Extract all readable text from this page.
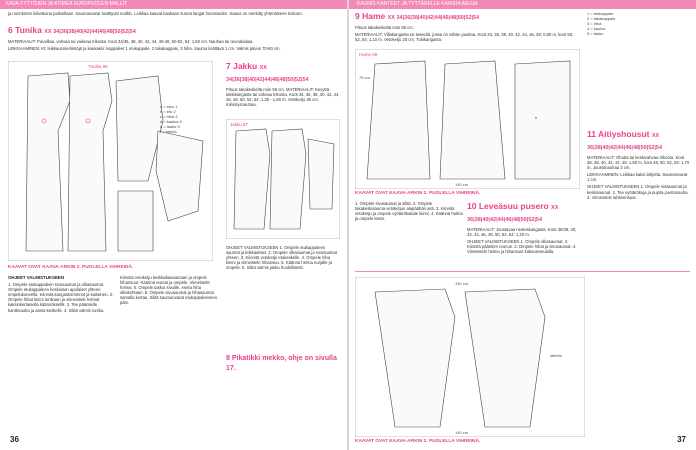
KAVA-TYTTÖJEN JA KOMEA SUKUPUOLEN MALLIT	KAUNIS KANTEET JA TYTTÄRELLE KAIKKIA ASUJA

ja nurinkierto leikattuina paikoiltaan. Saumanvarat sisältyvät malliin. Leikkaa kaavat kankaan suorat langat huomioiden. Kaava on merkitty yhtenäiseen kokoon.

6 Tunika XX 34|36|38|40|42|44|46|48|50|52|54

MATERIAALIT: Puuvillaa, vahvaa tai vaikeaa trikoota. Koot 34/36, 38, 40, 42, 44, 46-48, 50-52, 54: 1,50 cm. Nauhaa tai reunakaitaa.

LEIKKAAMINEN: Kt: leikkausmerkintöjä ja kaukaksi: kappaleet 1 etukappale, 2 takakappale, 3 hiha. Sauma lisättävä 1 cm. Valmis pituus 70-80 cm.

Tunika 86
a = sivu 1
b = etu 2
c = hiha 3
d = kaulus 4
e = tasku 5
f = helma
KAAVAT OVAT KAAVA-ARKIN 2. PUOLELLA VIHREINÄ.

OHJEET VALMISTUKSEEN

1. Ompele etukappaleen sivusaumat ja olkasaumat. Ompele etukappaleen keskiosan apulaiset yhteen ompelukoneella. Kiinnitä kangastoiminnot ja kaitainen. 2. Ompele hihat kiinni tunikaan ja viimeistele helmat kaksinkertaisella käännöksellä. 3. Tee pääntielle kanttinauha ja aseta keskelle. 4. Silitä valmis tunika.

Kiinnitä vetoketju keskitakasaumaan ja ompele hihansuut. Käännä reunat ja ompele. Viimeistele helma. 5. Ompele taskut sivuille. Aseta hiha olkakohtaan. 6. Ompele sivusaumat ja hihasaumat samalla kertaa. Silitä saumanvarat etukappaleeseen päin.

7 Jakku XX 34|36|38|40|42|44|46|48|50|52|54

Pituus takakeskeltä noin 58 cm. MATERIAALIT: Kevyttä takkikangasta tai vahvaa trikoota. Koot 34, 36, 38, 40, 42, 44, 46, 48, 50, 52, 54: 1,30 - 1,60 m. Vetoketju 45 cm. Kiinnitysnauhaa.

Jakku 87

OHJEET VALMISTUKSEEN 1. Ompele etukappaleen saumat ja leikkaukset. 2. Ompele olkasaumat ja sivusaumat yhteen. 3. Kiinnitä vetoketju etukeskelle. 4. Ompele hiha kiinni ja viimeistele hihansuu. 5. Käännä helma nurjalle ja ompele. 6. Silitä valmis jakku huolellisesti.

8 Pikatikki mekko, ohje on sivulla 17.
36
9 Hame XX 34|36|38|40|42|44|46|48|50|52|54

Pituus takakeskeltä noin 65 cm.

MATERIAALIT: Villakangasta tai tweediä, jossa on vähän joustoa. Koot 34, 36, 38, 40, 42, 44, 46, 48: 0,80 m, koot 50, 52, 54: 1,10 m. Vetoketju 20 cm. Tukikangasta.

Hame 89
75 cm
b
140 cm
KAAVAT OVAT KAAVA-ARKIN 2. PUOLELLA VIHREINÄ.

1. Ompele sivusaumat ja silitä. 2. Ompele takakeskisauma vetoketjun alapäähän asti. 3. Kiinnitä vetoketju ja ompele vyötärökaitale kiinni. 4. Käännä helma ja ompele käsin.

10 Leveäsuu pusero XX 36|38|40|42|44|46|48|50|52|54

MATERIAALIT: Joustavaa neuloskangasta. Koot 36/38, 40, 42, 44, 46, 48, 50, 52, 54: 1,20 m.

OHJEET VALMISTUKSEEN 1. Ompele olkasaumat. 2. Kiinnitä pääntien reunus. 3. Ompele hihat ja sivusaumat. 4. Viimeistele helma ja hihansuut kaksoisneulalla.

150 cm
taitettu
140 cm
KAAVAT OVAT KAAVA-ARKIN 2. PUOLELLA VIHREINÄ.
1 = etukappale
2 = takakappale
3 = hiha
4 = kaulus
5 = tasku
11 Aitiyshousut XX 36|38|40|42|44|46|48|50|52|54

MATERIAALIT: Ohutta tai keskivahvaa trikoota. Koot 36, 38, 40, 42, 44, 46: 1,50 m, koot 48, 50, 52, 54: 1,70 m. Joustonauhaa 3 cm.

LEIKKAAMINEN: Leikkaa kaksi lahjetta. Saumanvarat 1 cm.

OHJEET VALMISTUKSEEN 1. Ompele sisäsaumat ja keskisaumat. 2. Tee vyötärökuja ja pujota joustonauha. 3. Viimeistele lahkeensuut.

37
